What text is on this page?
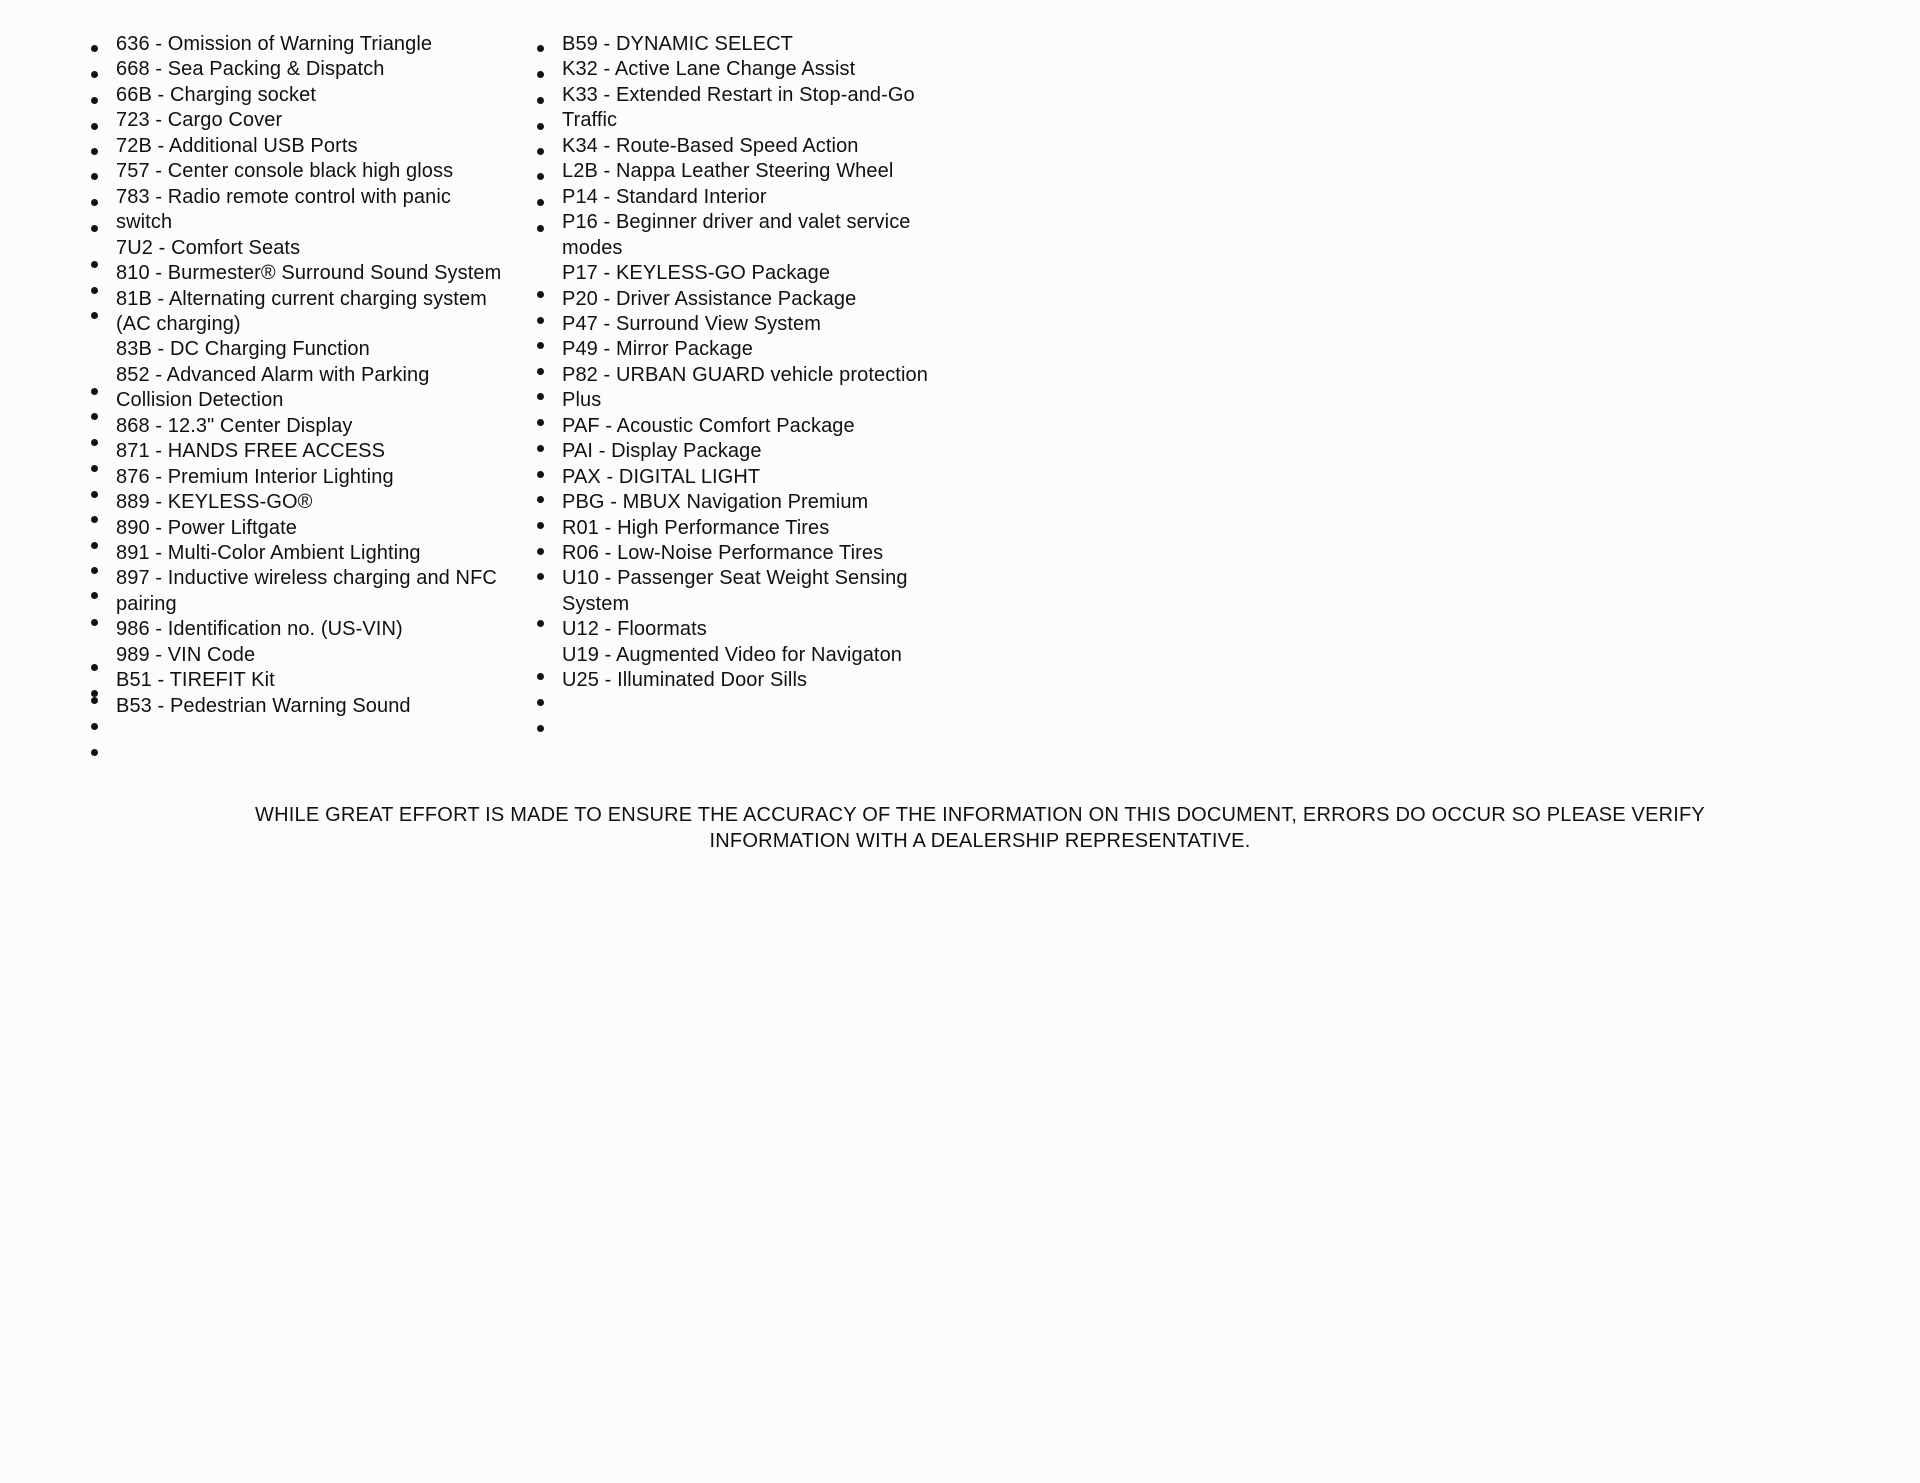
636 - Omission of Warning Triangle
668 - Sea Packing & Dispatch
66B - Charging socket
723 - Cargo Cover
72B - Additional USB Ports
757 - Center console black high gloss
783 - Radio remote control with panic
switch
7U2 - Comfort Seats
810 - Burmester® Surround Sound System
81B - Alternating current charging system
(AC charging)
83B - DC Charging Function
852 - Advanced Alarm with Parking
Collision Detection
868 - 12.3" Center Display
871 - HANDS FREE ACCESS
876 - Premium Interior Lighting
889 - KEYLESS-GO®
890 - Power Liftgate
891 - Multi-Color Ambient Lighting
897 - Inductive wireless charging and NFC
pairing
986 - Identification no. (US-VIN)
989 - VIN Code
B51 - TIREFIT Kit
B53 - Pedestrian Warning Sound
B59 - DYNAMIC SELECT
K32 - Active Lane Change Assist
K33 - Extended Restart in Stop-and-Go
Traffic
K34 - Route-Based Speed Action
L2B - Nappa Leather Steering Wheel
P14 - Standard Interior
P16 - Beginner driver and valet service
modes
P17 - KEYLESS-GO Package
P20 - Driver Assistance Package
P47 - Surround View System
P49 - Mirror Package
P82 - URBAN GUARD vehicle protection
Plus
PAF - Acoustic Comfort Package
PAI - Display Package
PAX - DIGITAL LIGHT
PBG - MBUX Navigation Premium
R01 - High Performance Tires
R06 - Low-Noise Performance Tires
U10 - Passenger Seat Weight Sensing
System
U12 - Floormats
U19 - Augmented Video for Navigaton
U25 - Illuminated Door Sills
WHILE GREAT EFFORT IS MADE TO ENSURE THE ACCURACY OF THE INFORMATION ON THIS DOCUMENT, ERRORS DO OCCUR SO PLEASE VERIFY
INFORMATION WITH A DEALERSHIP REPRESENTATIVE.
